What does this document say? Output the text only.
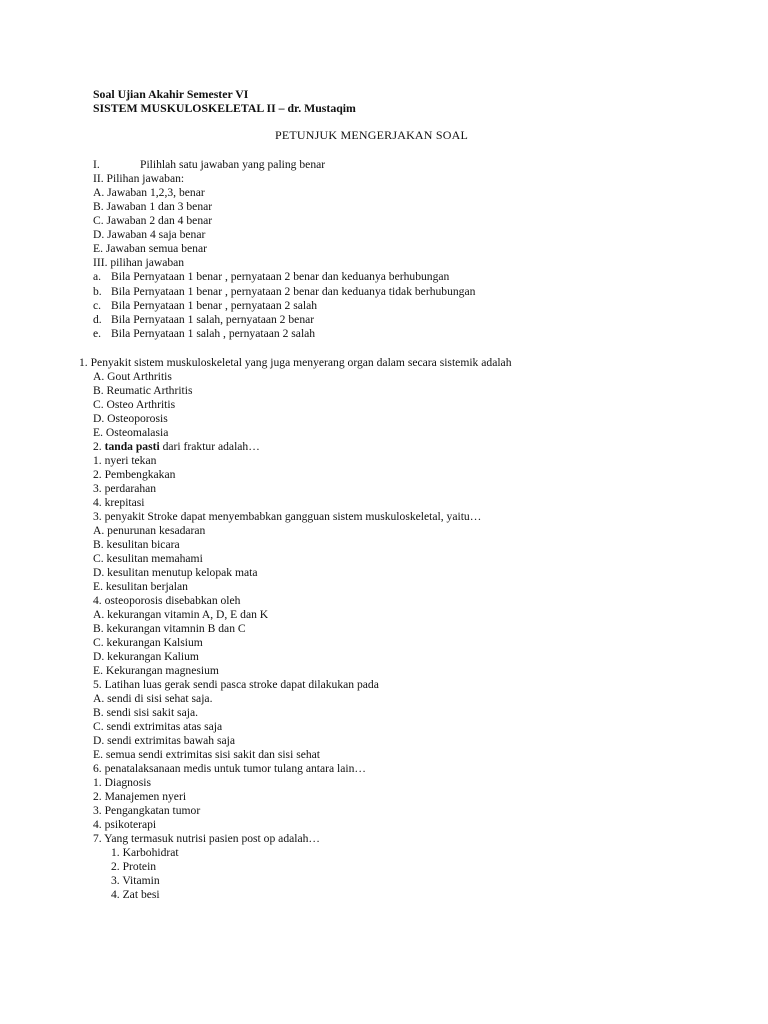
Soal Ujian Akahir Semester VI
SISTEM MUSKULOSKELETAL II – dr. Mustaqim
PETUNJUK MENGERJAKAN SOAL
I.	Pilihlah satu jawaban yang paling benar
II. Pilihan jawaban:
A. Jawaban 1,2,3, benar
B. Jawaban 1 dan 3 benar
C. Jawaban 2 dan 4 benar
D. Jawaban 4 saja benar
E. Jawaban semua benar
III. pilihan jawaban
a. Bila Pernyataan 1 benar , pernyataan 2 benar dan keduanya berhubungan
b. Bila Pernyataan 1 benar , pernyataan 2 benar dan keduanya tidak berhubungan
c. Bila Pernyataan 1 benar , pernyataan 2 salah
d. Bila Pernyataan 1 salah, pernyataan 2 benar
e. Bila Pernyataan 1 salah , pernyataan 2 salah
1. Penyakit sistem muskuloskeletal yang juga menyerang organ dalam secara sistemik adalah
A. Gout Arthritis
B. Reumatic Arthritis
C. Osteo Arthritis
D. Osteoporosis
E. Osteomalasia
2. tanda pasti dari fraktur adalah…
1. nyeri tekan
2. Pembengkakan
3. perdarahan
4. krepitasi
3. penyakit Stroke dapat menyembabkan gangguan sistem muskuloskeletal, yaitu…
A. penurunan kesadaran
B. kesulitan bicara
C. kesulitan memahami
D. kesulitan menutup kelopak mata
E. kesulitan berjalan
4. osteoporosis disebabkan oleh
A. kekurangan vitamin A, D, E dan K
B. kekurangan vitamnin B dan C
C. kekurangan Kalsium
D. kekurangan Kalium
E. Kekurangan magnesium
5. Latihan luas gerak sendi pasca stroke dapat dilakukan pada
A. sendi di sisi sehat saja.
B. sendi sisi sakit saja.
C. sendi extrimitas atas saja
D. sendi extrimitas bawah saja
E. semua sendi extrimitas sisi sakit dan sisi sehat
6. penatalaksanaan medis untuk tumor tulang antara lain…
1. Diagnosis
2. Manajemen nyeri
3. Pengangkatan tumor
4. psikoterapi
7. Yang termasuk nutrisi pasien post op adalah…
1. Karbohidrat
2. Protein
3. Vitamin
4. Zat besi
